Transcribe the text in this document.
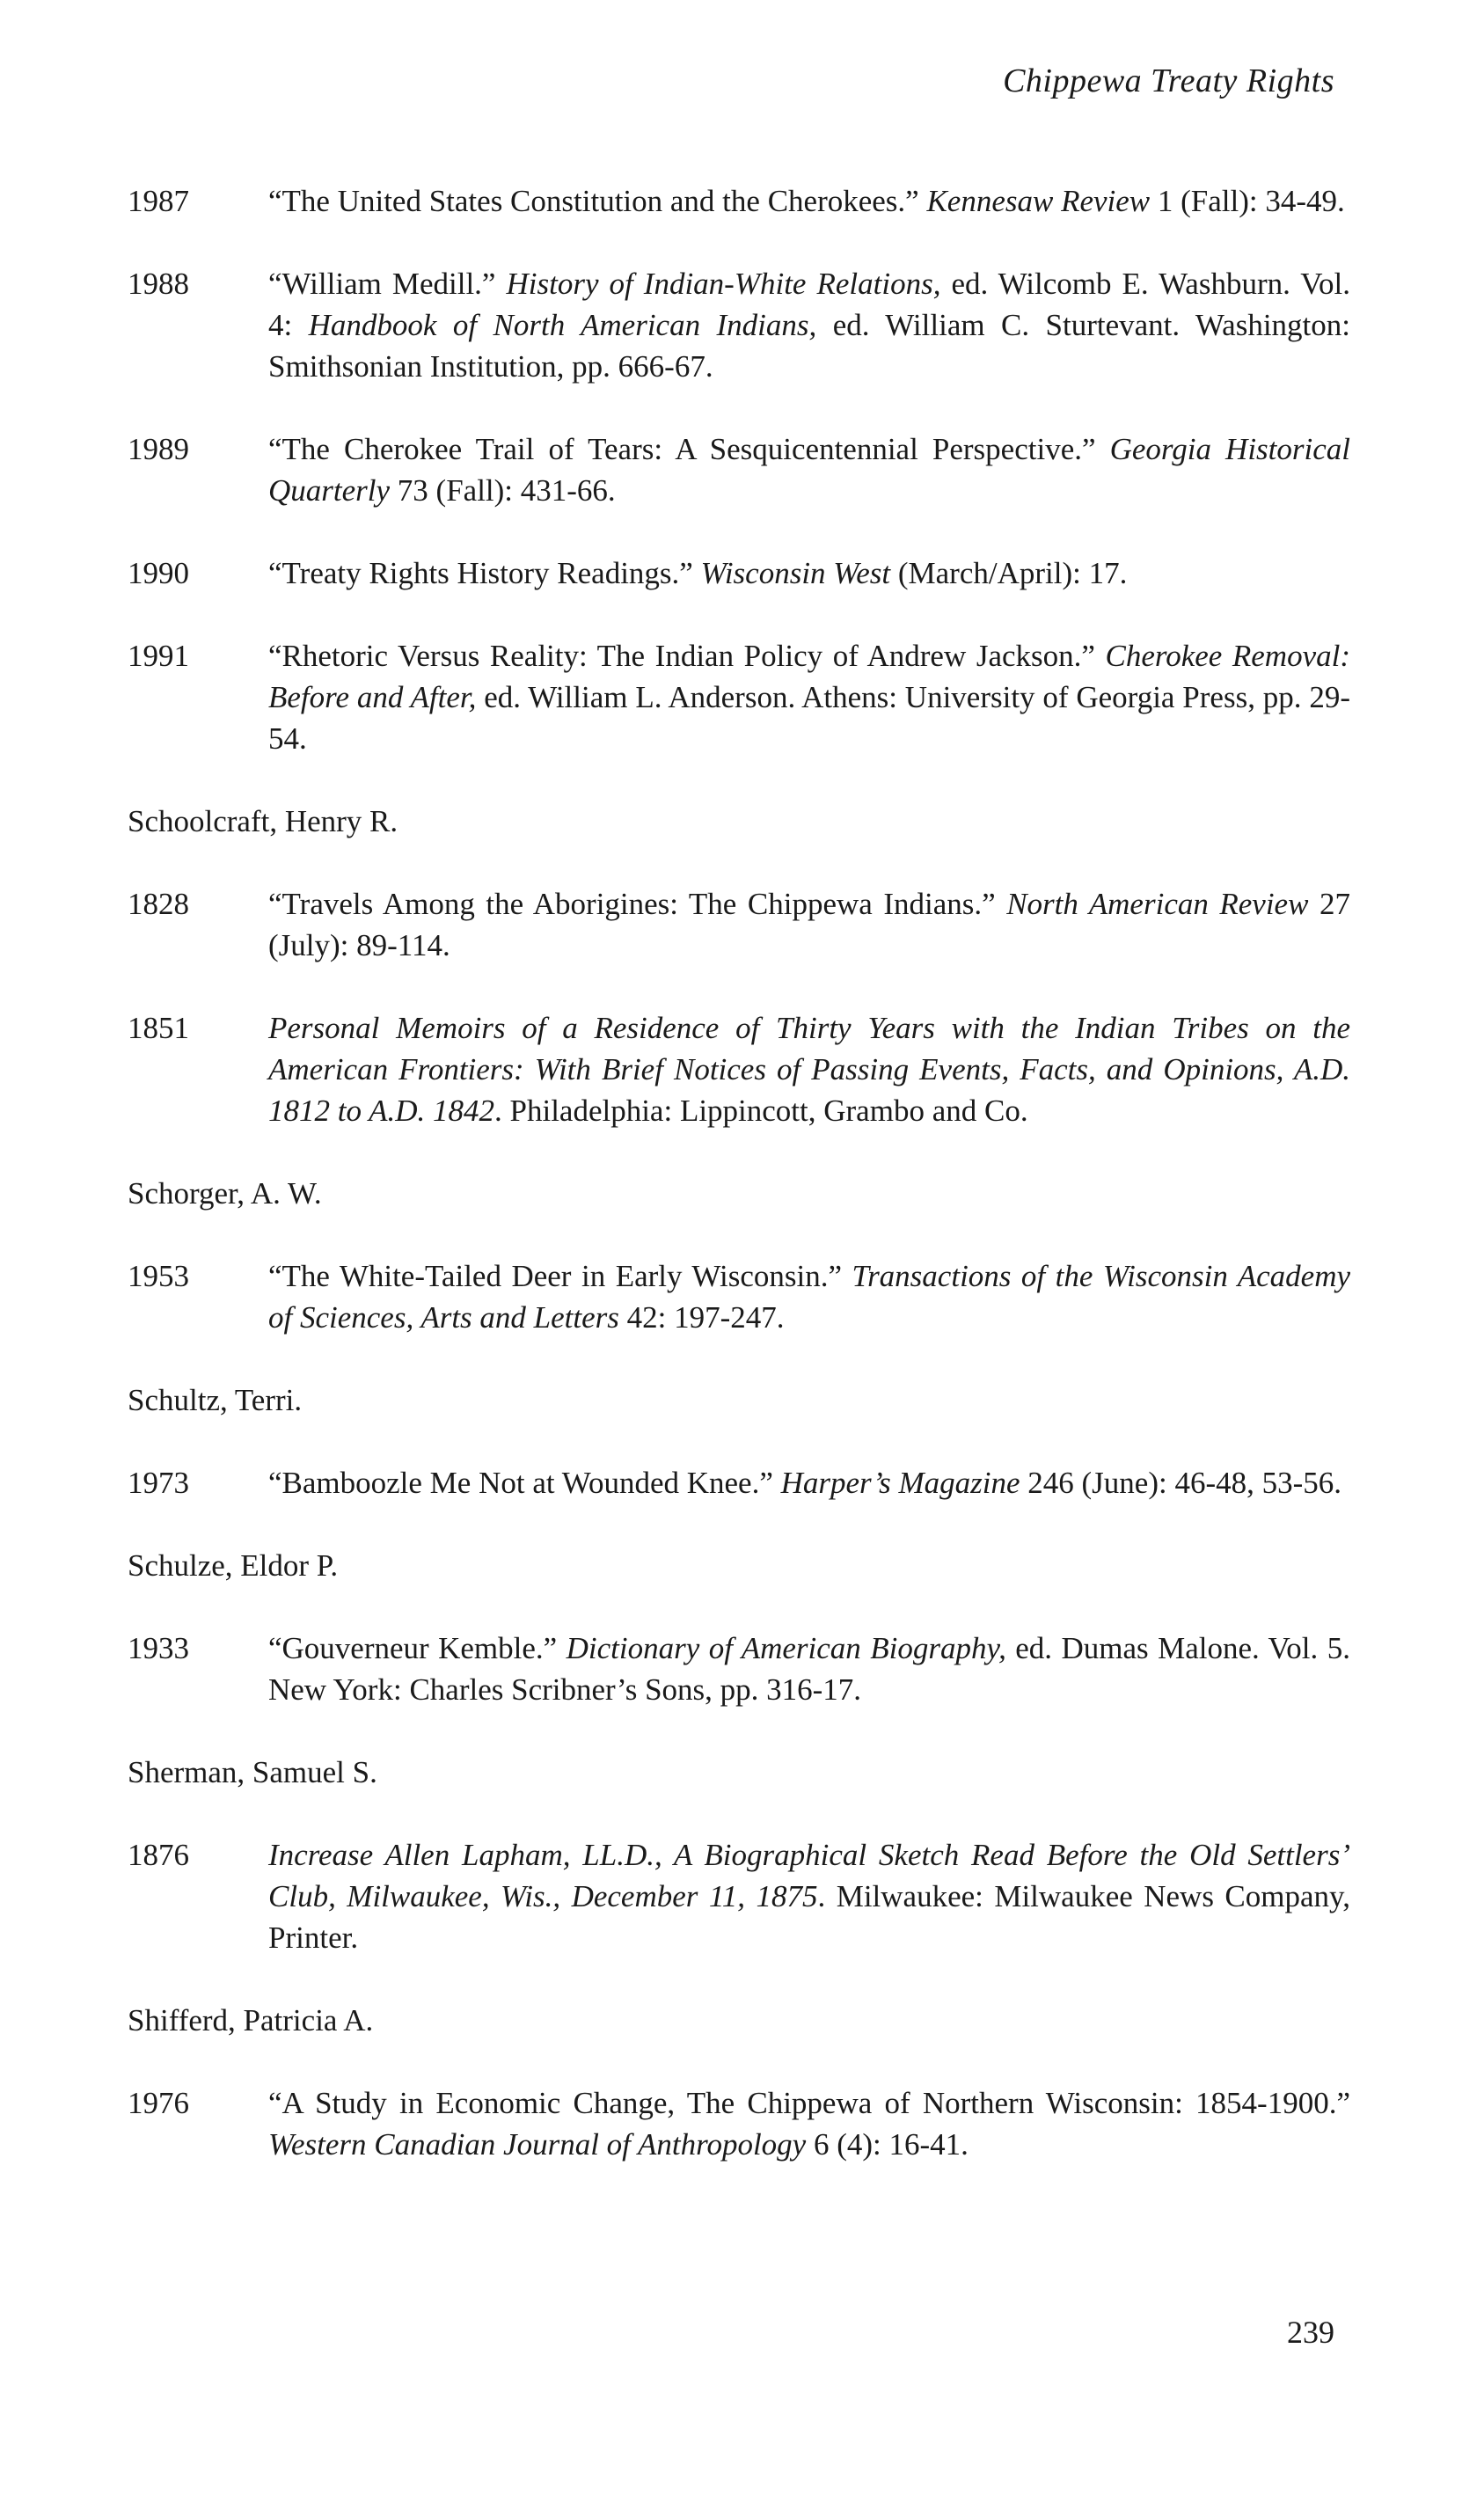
Chippewa Treaty Rights
1987	“The United States Constitution and the Cherokees.” Kennesaw Review 1 (Fall): 34-49.
1988	“William Medill.” History of Indian-White Relations, ed. Wilcomb E. Washburn. Vol. 4: Handbook of North American Indians, ed. William C. Sturtevant. Washington: Smithsonian Institution, pp. 666-67.
1989	“The Cherokee Trail of Tears: A Sesquicentennial Perspective.” Georgia Historical Quarterly 73 (Fall): 431-66.
1990	“Treaty Rights History Readings.” Wisconsin West (March/April): 17.
1991	“Rhetoric Versus Reality: The Indian Policy of Andrew Jackson.” Cherokee Removal: Before and After, ed. William L. Anderson. Athens: University of Georgia Press, pp. 29-54.
Schoolcraft, Henry R.
1828	“Travels Among the Aborigines: The Chippewa Indians.” North American Review 27 (July): 89-114.
1851	Personal Memoirs of a Residence of Thirty Years with the Indian Tribes on the American Frontiers: With Brief Notices of Passing Events, Facts, and Opinions, A.D. 1812 to A.D. 1842. Philadelphia: Lippincott, Grambo and Co.
Schorger, A. W.
1953	“The White-Tailed Deer in Early Wisconsin.” Transactions of the Wisconsin Academy of Sciences, Arts and Letters 42: 197-247.
Schultz, Terri.
1973	“Bamboozle Me Not at Wounded Knee.” Harper’s Magazine 246 (June): 46-48, 53-56.
Schulze, Eldor P.
1933	“Gouverneur Kemble.” Dictionary of American Biography, ed. Dumas Malone. Vol. 5. New York: Charles Scribner’s Sons, pp. 316-17.
Sherman, Samuel S.
1876	Increase Allen Lapham, LL.D., A Biographical Sketch Read Before the Old Settlers’ Club, Milwaukee, Wis., December 11, 1875. Milwaukee: Milwaukee News Company, Printer.
Shifferd, Patricia A.
1976	“A Study in Economic Change, The Chippewa of Northern Wisconsin: 1854-1900.” Western Canadian Journal of Anthropology 6 (4): 16-41.
239
